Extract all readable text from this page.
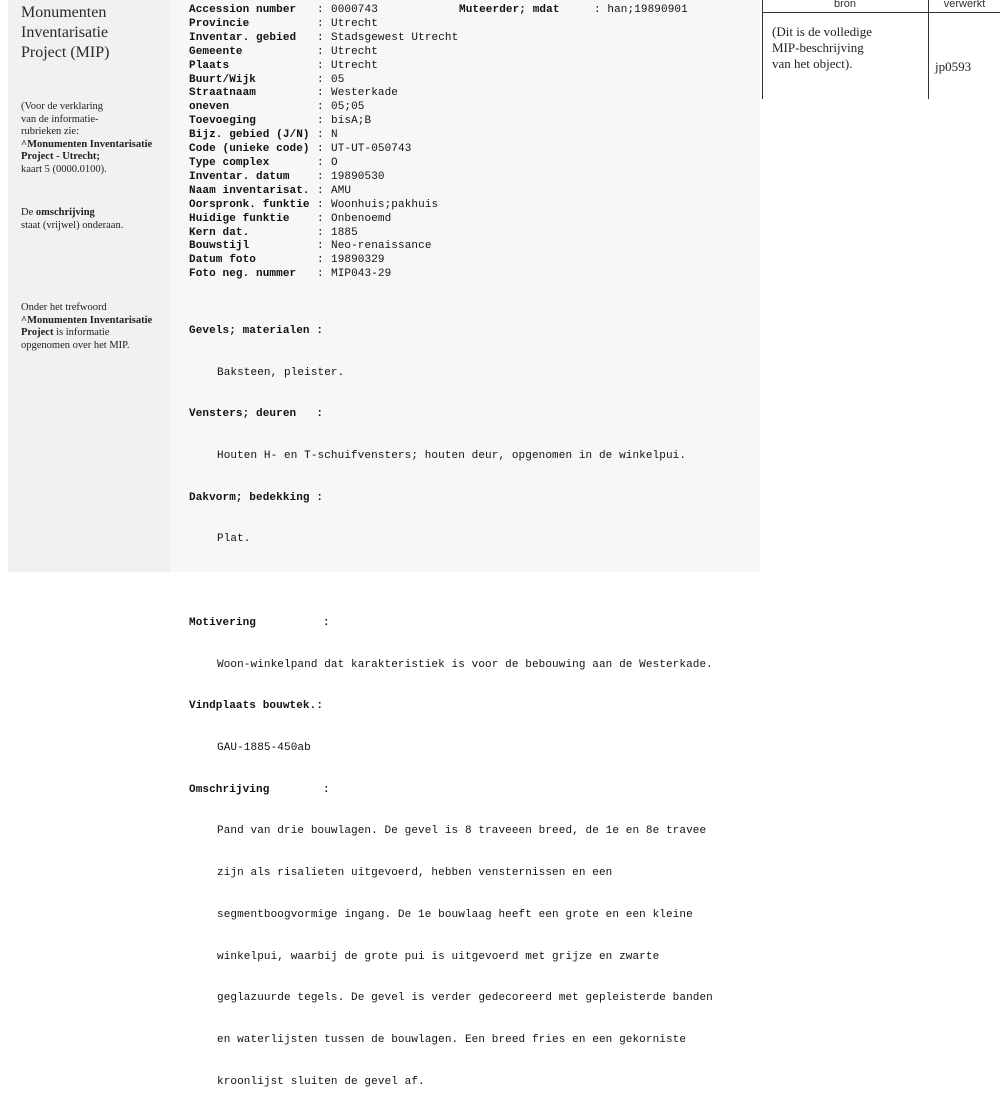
Monumenten
Inventarisatie
Project (MIP)
(Voor de verklaring
van de informatie-
rubrieken zie:
^Monumenten Inventarisatie
Project - Utrecht;
kaart 5 (0000.0100).
De omschrijving
staat (vrijwel) onderaan.
Onder het trefwoord
^Monumenten Inventarisatie
Project is informatie
opgenomen over het MIP.
Accession number	:	0000743
Provincie	:	Utrecht
Inventar. gebied	:	Stadsgewest Utrecht
Gemeente	:	Utrecht
Plaats	:	Utrecht
Buurt/Wijk	:	05
Straatnaam	:	Westerkade
oneven	:	05;05
Toevoeging	:	bisA;B
Bijz. gebied (J/N)	:	N
Code (unieke code)	:	UT-UT-050743
Type complex	:	O
Inventar. datum	:	19890530
Naam inventarisat.	:	AMU
Oorspronk. funktie	:	Woonhuis;pakhuis
Huidige funktie	:	Onbenoemd
Kern dat.	:	1885
Bouwstijl	:	Neo-renaissance
Datum foto	:	19890329
Foto neg. nummer	:	MIP043-29
Muteerder; mdat	: han;19890901

Gevels; materialen :

Baksteen, pleister.

Vensters; deuren   :

Houten H- en T-schuifvensters; houten deur, opgenomen in de winkelpui.

Dakvorm; bedekking :

Plat.

Motivering          :

Woon-winkelpand dat karakteristiek is voor de bebouwing aan de Westerkade.

Vindplaats bouwtek.:

GAU-1885-450ab

Omschrijving        :

Pand van drie bouwlagen. De gevel is 8 traveeen breed, de 1e en 8e travee

zijn als risalieten uitgevoerd, hebben vensternissen en een

segmentboogvormige ingang. De 1e bouwlaag heeft een grote en een kleine

winkelpui, waarbij de grote pui is uitgevoerd met grijze en zwarte

geglazuurde tegels. De gevel is verder gedecoreerd met gepleisterde banden

en waterlijsten tussen de bouwlagen. Een breed fries en een gekorniste

kroonlijst sluiten de gevel af.

bron	verwerkt
(Dit is de volledige
MIP-beschrijving
van het object).	jp0593
